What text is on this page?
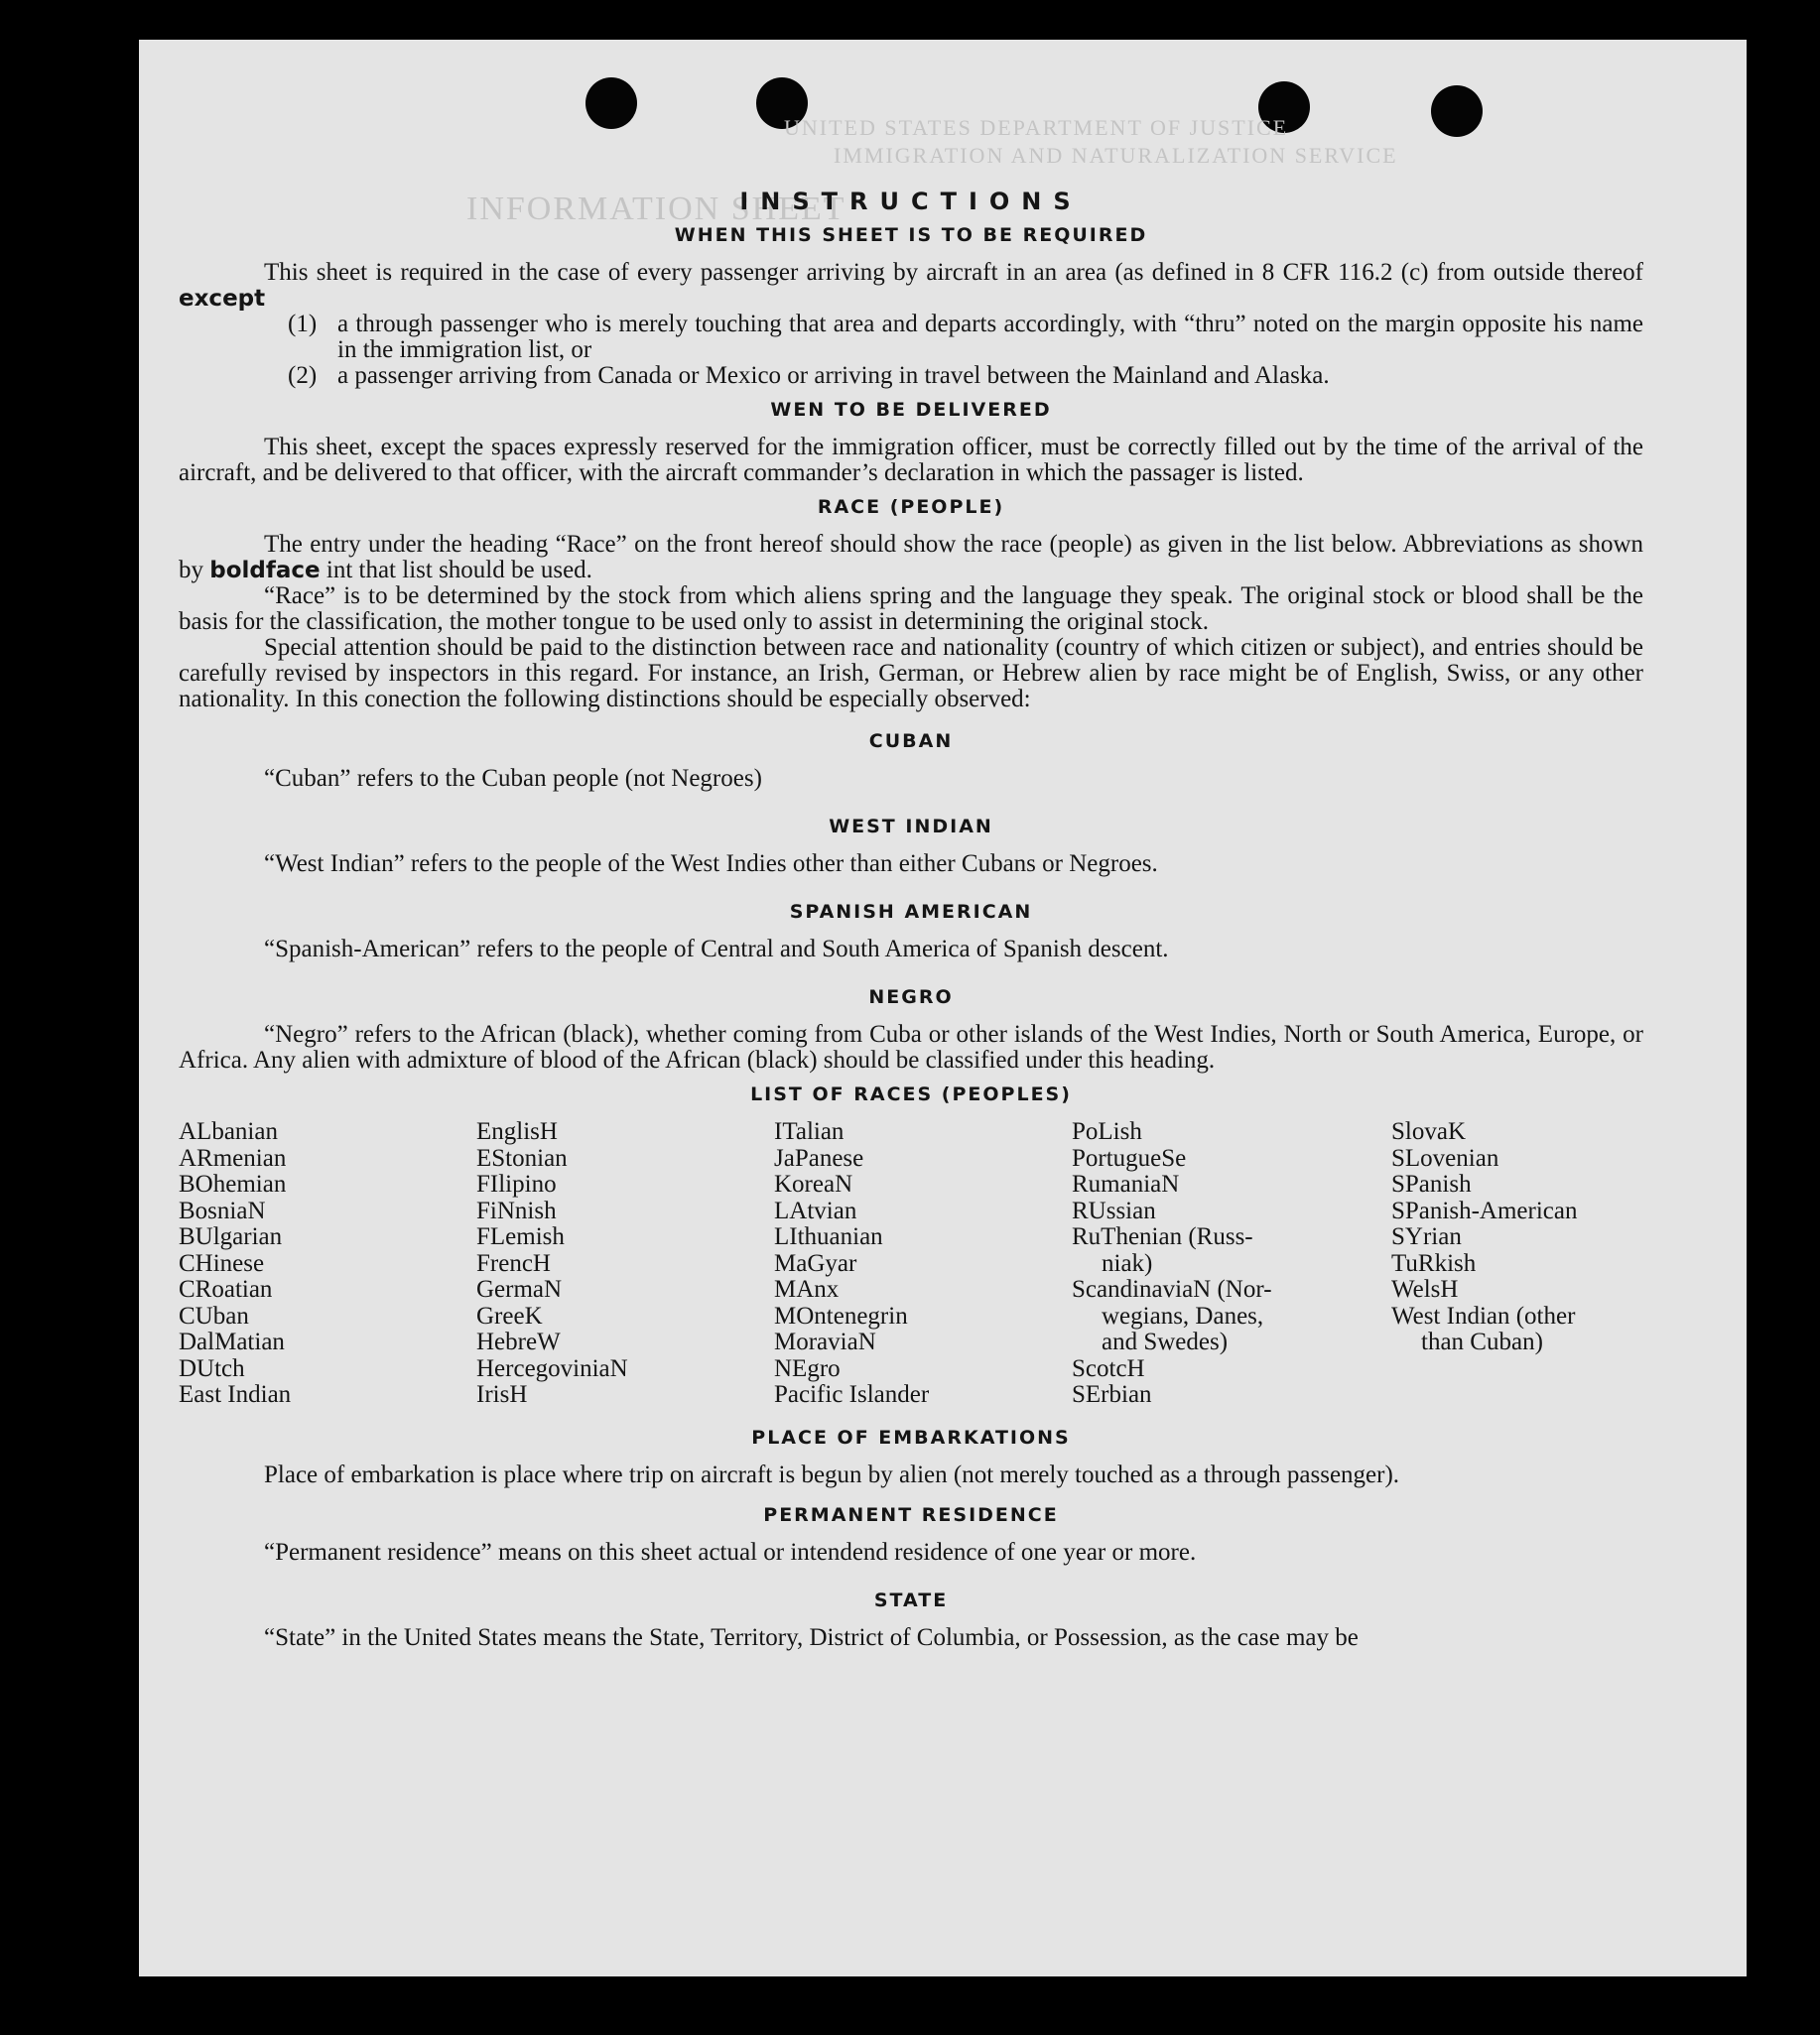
UNITED STATES DEPARTMENT OF JUSTICE
IMMIGRATION AND NATURALIZATION SERVICE
INFORMATION SHEET
INSTRUCTIONS
WHEN THIS SHEET IS TO BE REQUIRED

This sheet is required in the case of every passenger arriving by aircraft in an area (as defined in 8 CFR 116.2 (c) from outside thereof except

(1) a through passenger who is merely touching that area and departs accordingly, with “thru” noted on the margin opposite his name in the immigration list, or
(2) a passenger arriving from Canada or Mexico or arriving in travel between the Mainland and Alaska.
WEN TO BE DELIVERED

This sheet, except the spaces expressly reserved for the immigration officer, must be correctly filled out by the time of the arrival of the aircraft, and be delivered to that officer, with the aircraft commander’s declaration in which the passager is listed.

RACE (PEOPLE)

The entry under the heading “Race” on the front hereof should show the race (people) as given in the list below. Abbreviations as shown by boldface int that list should be used.

“Race” is to be determined by the stock from which aliens spring and the language they speak. The original stock or blood shall be the basis for the classification, the mother tongue to be used only to assist in determining the original stock.

Special attention should be paid to the distinction between race and nationality (country of which citizen or subject), and entries should be carefully revised by inspectors in this regard. For instance, an Irish, German, or Hebrew alien by race might be of English, Swiss, or any other nationality. In this conection the following distinctions should be especially observed:

CUBAN

“Cuban” refers to the Cuban people (not Negroes)

WEST INDIAN

“West Indian” refers to the people of the West Indies other than either Cubans or Negroes.

SPANISH AMERICAN

“Spanish-American” refers to the people of Central and South America of Spanish descent.

NEGRO

“Negro” refers to the African (black), whether coming from Cuba or other islands of the West Indies, North or South America, Europe, or Africa. Any alien with admixture of blood of the African (black) should be classified under this heading.

LIST OF RACES (PEOPLES)
ALbanian
ARmenian
BOhemian
BosniaN
BUlgarian
CHinese
CRoatian
CUban
DalMatian
DUtch
East Indian
EnglisH
EStonian
FIlipino
FiNnish
FLemish
FrencH
GermaN
GreeK
HebreW
HercegoviniaN
IrisH
ITalian
JaPanese
KoreaN
LAtvian
LIthuanian
MaGyar
MAnx
MOntenegrin
MoraviaN
NEgro
Pacific Islander
PoLish
PortugueSe
RumaniaN
RUssian
RuThenian (Russ-
niak)
ScandinaviaN (Nor-
wegians, Danes,
and Swedes)
ScotcH
SErbian
SlovaK
SLovenian
SPanish
SPanish-American
SYrian
TuRkish
WelsH
West Indian (other
than Cuban)
PLACE OF EMBARKATIONS

Place of embarkation is place where trip on aircraft is begun by alien (not merely touched as a through passenger).

PERMANENT RESIDENCE

“Permanent residence” means on this sheet actual or intendend residence of one year or more.

STATE

“State” in the United States means the State, Territory, District of Columbia, or Possession, as the case may be
